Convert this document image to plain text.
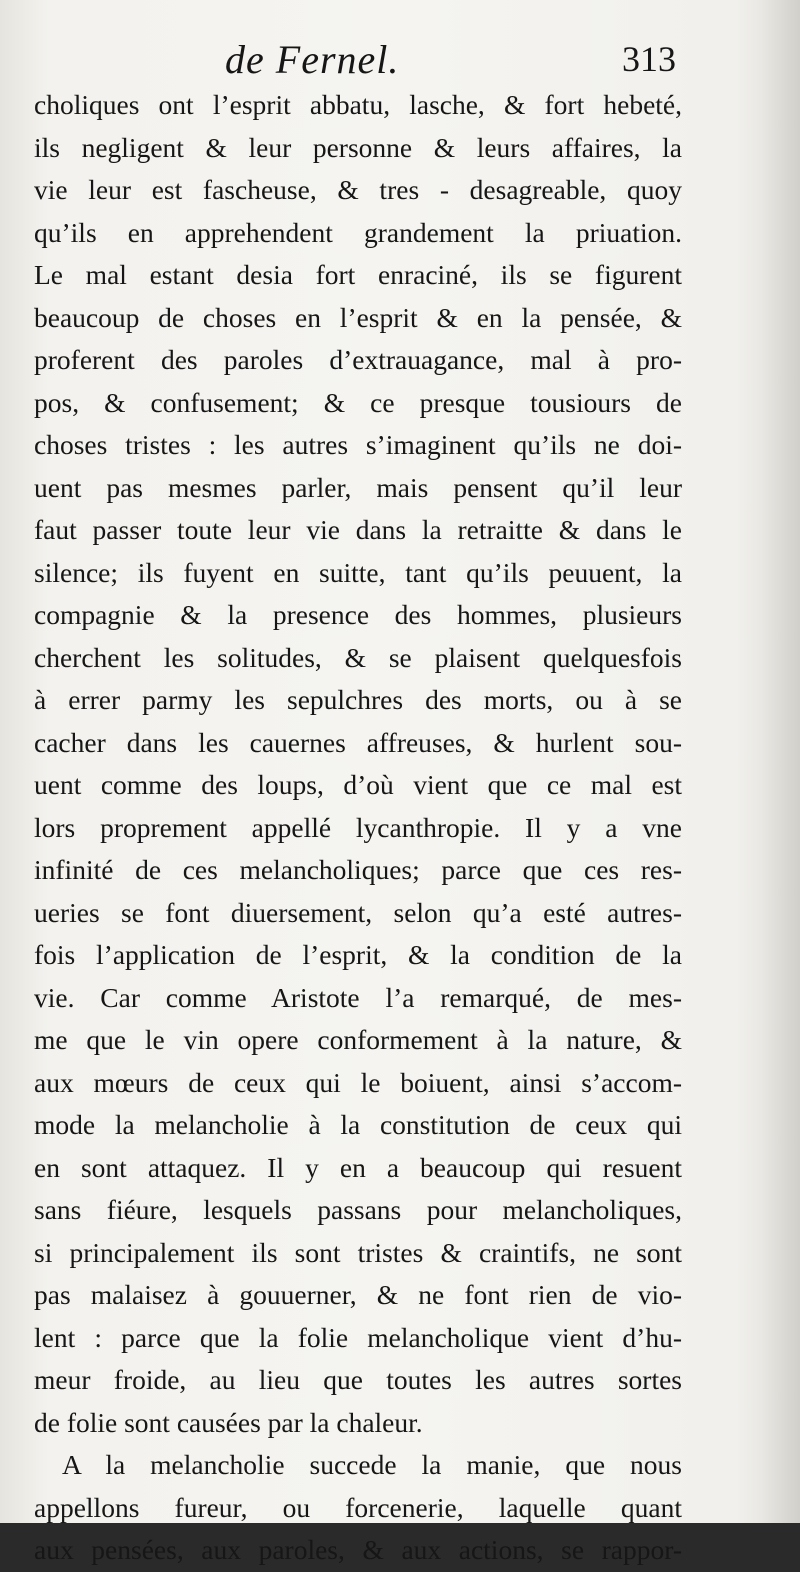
de Fernel.	313
choliques ont l’esprit abbatu, lasche, & fort hebeté,
ils negligent & leur personne & leurs affaires, la
vie leur est fascheuse, & tres - desagreable, quoy
qu’ils en apprehendent grandement la priuation.
Le mal estant desia fort enraciné, ils se figurent
beaucoup de choses en l’esprit & en la pensée, &
proferent des paroles d’extrauagance, mal à pro-
pos, & confusement; & ce presque tousiours de
choses tristes : les autres s’imaginent qu’ils ne doi-
uent pas mesmes parler, mais pensent qu’il leur
faut passer toute leur vie dans la retraitte & dans le
silence; ils fuyent en suitte, tant qu’ils peuuent, la
compagnie & la presence des hommes, plusieurs
cherchent les solitudes, & se plaisent quelquesfois
à errer parmy les sepulchres des morts, ou à se
cacher dans les cauernes affreuses, & hurlent sou-
uent comme des loups, d’où vient que ce mal est
lors proprement appellé lycanthropie. Il y a vne
infinité de ces melancholiques; parce que ces res-
ueries se font diuersement, selon qu’a esté autres-
fois l’application de l’esprit, & la condition de la
vie. Car comme Aristote l’a remarqué, de mes-
me que le vin opere conformement à la nature, &
aux mœurs de ceux qui le boiuent, ainsi s’accom-
mode la melancholie à la constitution de ceux qui
en sont attaquez. Il y en a beaucoup qui resuent
sans fiéure, lesquels passans pour melancholiques,
si principalement ils sont tristes & craintifs, ne sont
pas malaisez à gouuerner, & ne font rien de vio-
lent : parce que la folie melancholique vient d’hu-
meur froide, au lieu que toutes les autres sortes
de folie sont causées par la chaleur.
A la melancholie succede la manie, que nous
appellons fureur, ou forcenerie, laquelle quant
aux pensées, aux paroles, & aux actions, se rappor-
